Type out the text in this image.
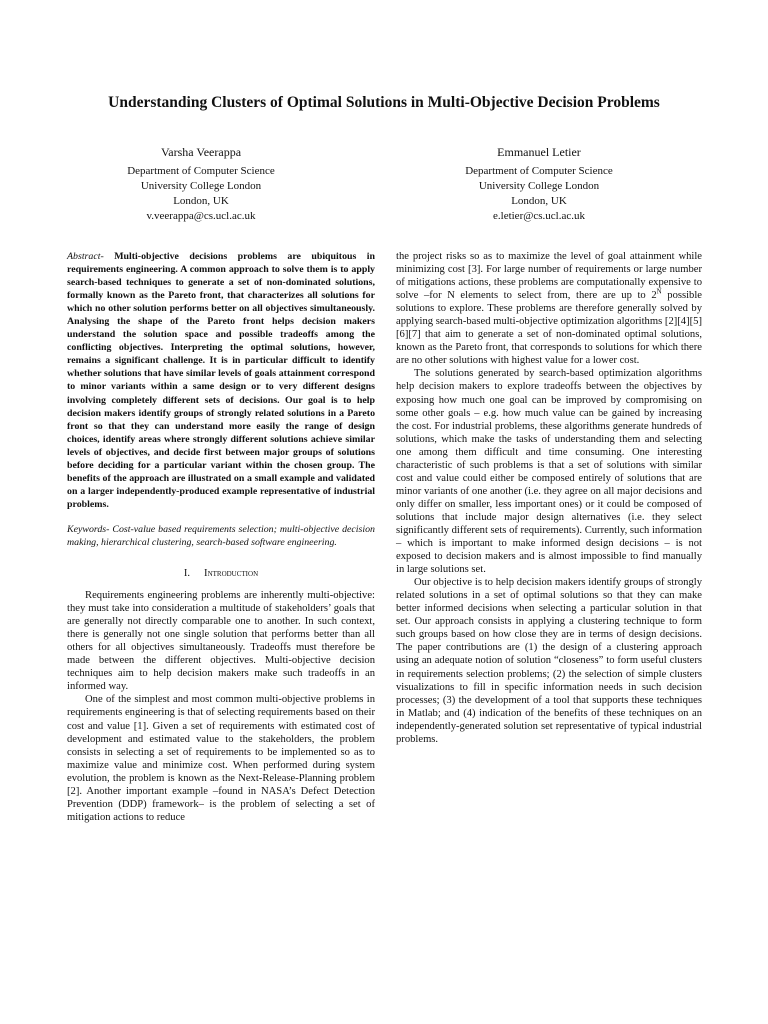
Understanding Clusters of Optimal Solutions in Multi-Objective Decision Problems
Varsha Veerappa
Department of Computer Science
University College London
London, UK
v.veerappa@cs.ucl.ac.uk
Emmanuel Letier
Department of Computer Science
University College London
London, UK
e.letier@cs.ucl.ac.uk

Abstract- Multi-objective decisions problems are ubiquitous in requirements engineering. A common approach to solve them is to apply search-based techniques to generate a set of non-dominated solutions, formally known as the Pareto front, that characterizes all solutions for which no other solution performs better on all objectives simultaneously. Analysing the shape of the Pareto front helps decision makers understand the solution space and possible tradeoffs among the conflicting objectives. Interpreting the optimal solutions, however, remains a significant challenge. It is in particular difficult to identify whether solutions that have similar levels of goals attainment correspond to minor variants within a same design or to very different designs involving completely different sets of decisions. Our goal is to help decision makers identify groups of strongly related solutions in a Pareto front so that they can understand more easily the range of design choices, identify areas where strongly different solutions achieve similar levels of objectives, and decide first between major groups of solutions before deciding for a particular variant within the chosen group. The benefits of the approach are illustrated on a small example and validated on a larger independently-produced example representative of industrial problems.

Keywords- Cost-value based requirements selection; multi-objective decision making, hierarchical clustering, search-based software engineering.

I. Introduction

Requirements engineering problems are inherently multi-objective: they must take into consideration a multitude of stakeholders’ goals that are generally not directly comparable one to another. In such context, there is generally not one single solution that performs better than all others for all objectives simultaneously. Tradeoffs must therefore be made between the different objectives. Multi-objective decision techniques aim to help decision makers make such tradeoffs in an informed way.

One of the simplest and most common multi-objective problems in requirements engineering is that of selecting requirements based on their cost and value [1]. Given a set of requirements with estimated cost of development and estimated value to the stakeholders, the problem consists in selecting a set of requirements to be implemented so as to maximize value and minimize cost. When performed during system evolution, the problem is known as the Next-Release-Planning problem [2]. Another important example –found in NASA’s Defect Detection Prevention (DDP) framework– is the problem of selecting a set of mitigation actions to reduce

the project risks so as to maximize the level of goal attainment while minimizing cost [3]. For large number of requirements or large number of mitigations actions, these problems are computationally expensive to solve –for N elements to select from, there are up to $2^N$ possible solutions to explore. These problems are therefore generally solved by applying search-based multi-objective optimization algorithms [2][4][5][6][7] that aim to generate a set of non-dominated optimal solutions, known as the Pareto front, that corresponds to solutions for which there are no other solutions with highest value for a lower cost.

The solutions generated by search-based optimization algorithms help decision makers to explore tradeoffs between the objectives by exposing how much one goal can be improved by compromising on some other goals – e.g. how much value can be gained by increasing the cost. For industrial problems, these algorithms generate hundreds of solutions, which make the tasks of understanding them and selecting one among them difficult and time consuming. One interesting characteristic of such problems is that a set of solutions with similar cost and value could either be composed entirely of solutions that are minor variants of one another (i.e. they agree on all major decisions and only differ on smaller, less important ones) or it could be composed of solutions that include major design alternatives (i.e. they select significantly different sets of requirements). Currently, such information – which is important to make informed design decisions – is not exposed to decision makers and is almost impossible to find manually in large solutions set.

Our objective is to help decision makers identify groups of strongly related solutions in a set of optimal solutions so that they can make better informed decisions when selecting a particular solution in that set. Our approach consists in applying a clustering technique to form such groups based on how close they are in terms of design decisions. The paper contributions are (1) the design of a clustering approach using an adequate notion of solution “closeness” to form useful clusters in requirements selection problems; (2) the selection of simple clusters visualizations to fill in specific information needs in such decision processes; (3) the development of a tool that supports these techniques in Matlab; and (4) indication of the benefits of these techniques on an independently-generated solution set representative of typical industrial problems.
